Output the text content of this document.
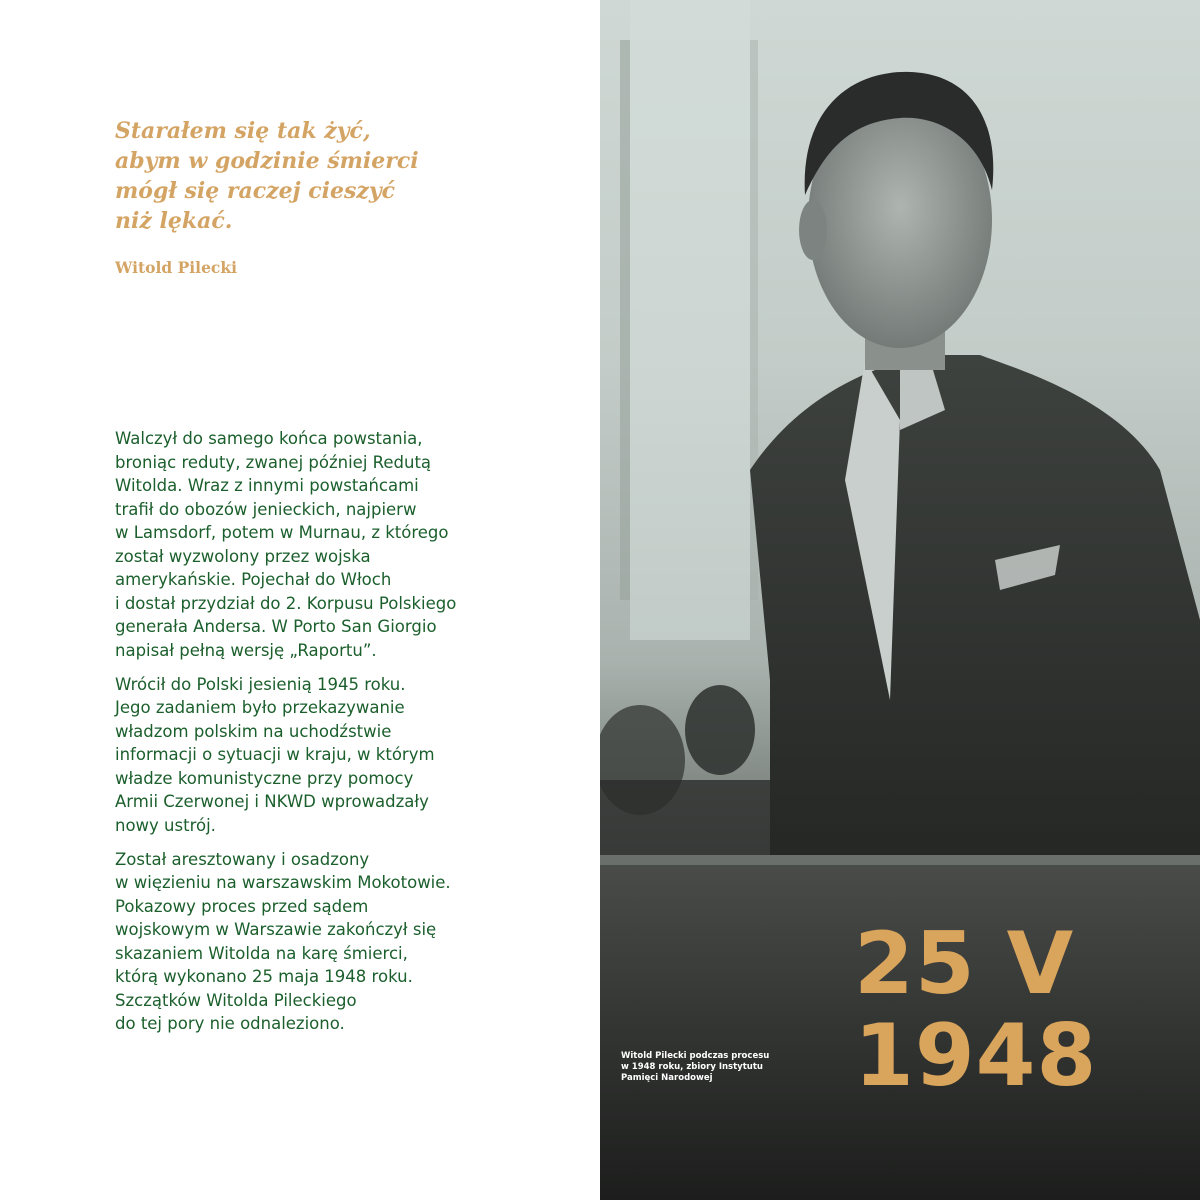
Starałem się tak żyć,
abym w godzinie śmierci
mógł się raczej cieszyć
niż lękać.
Witold Pilecki

Walczył do samego końca powstania,
broniąc reduty, zwanej później Redutą
Witolda. Wraz z innymi powstańcami
trafił do obozów jenieckich, najpierw
w Lamsdorf, potem w Murnau, z którego
został wyzwolony przez wojska
amerykańskie. Pojechał do Włoch
i dostał przydział do 2. Korpusu Polskiego
generała Andersa. W Porto San Giorgio
napisał pełną wersję „Raportu”.

Wrócił do Polski jesienią 1945 roku.
Jego zadaniem było przekazywanie
władzom polskim na uchodźstwie
informacji o sytuacji w kraju, w którym
władze komunistyczne przy pomocy
Armii Czerwonej i NKWD wprowadzały
nowy ustrój.

Został aresztowany i osadzony
w więzieniu na warszawskim Mokotowie.
Pokazowy proces przed sądem
wojskowym w Warszawie zakończył się
skazaniem Witolda na karę śmierci,
którą wykonano 25 maja 1948 roku.
Szczątków Witolda Pileckiego
do tej pory nie odnaleziono.

Witold Pilecki podczas procesu
w 1948 roku, zbiory Instytutu
Pamięci Narodowej
25 V
1948
